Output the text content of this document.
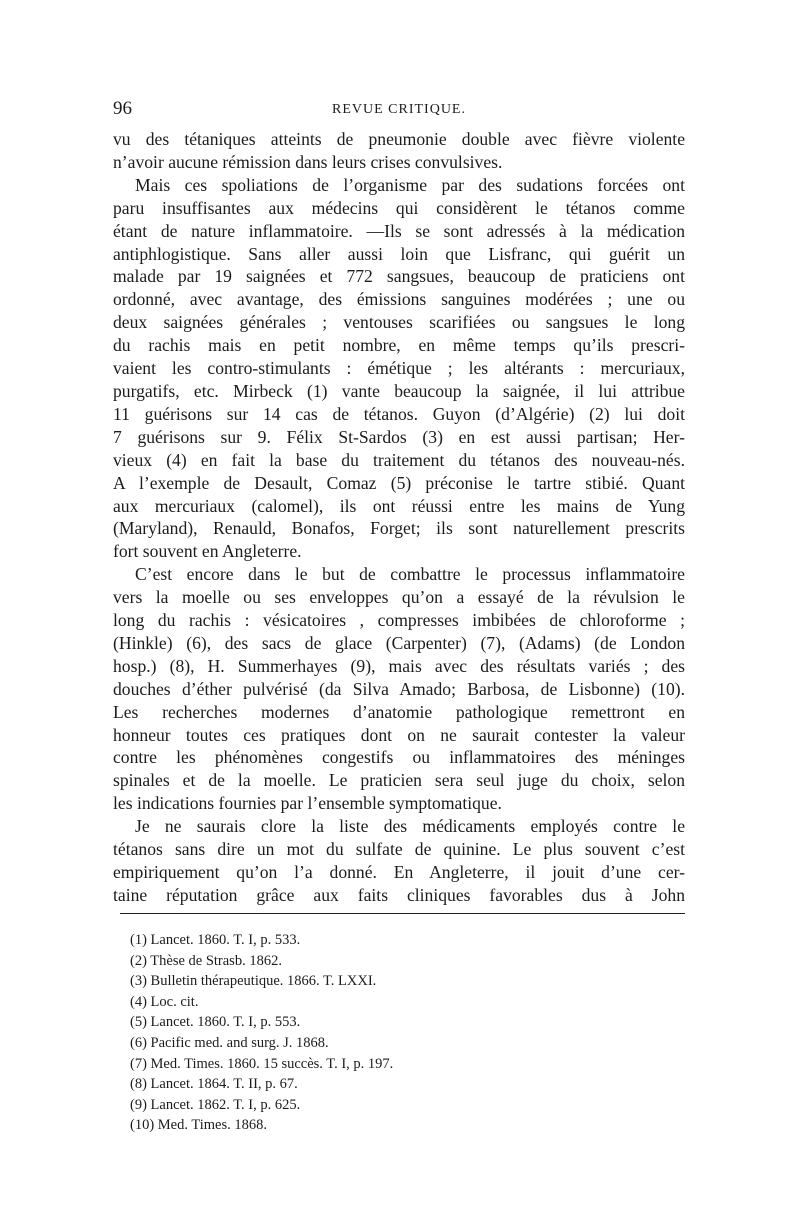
96	REVUE CRITIQUE.
vu des tétaniques atteints de pneumonie double avec fièvre violente
n’avoir aucune rémission dans leurs crises convulsives.
Mais ces spoliations de l’organisme par des sudations forcées ont
paru insuffisantes aux médecins qui considèrent le tétanos comme
étant de nature inflammatoire. —Ils se sont adressés à la médication
antiphlogistique. Sans aller aussi loin que Lisfranc, qui guérit un
malade par 19 saignées et 772 sangsues, beaucoup de praticiens ont
ordonné, avec avantage, des émissions sanguines modérées ; une ou
deux saignées générales ; ventouses scarifiées ou sangsues le long
du rachis mais en petit nombre, en même temps qu’ils prescri-
vaient les contro-stimulants : émétique ; les altérants : mercuriaux,
purgatifs, etc. Mirbeck (1) vante beaucoup la saignée, il lui attribue
11 guérisons sur 14 cas de tétanos. Guyon (d’Algérie) (2) lui doit
7 guérisons sur 9. Félix St-Sardos (3) en est aussi partisan; Her-
vieux (4) en fait la base du traitement du tétanos des nouveau-nés.
A l’exemple de Desault, Comaz (5) préconise le tartre stibié. Quant
aux mercuriaux (calomel), ils ont réussi entre les mains de Yung
(Maryland), Renauld, Bonafos, Forget; ils sont naturellement prescrits
fort souvent en Angleterre.
C’est encore dans le but de combattre le processus inflammatoire
vers la moelle ou ses enveloppes qu’on a essayé de la révulsion le
long du rachis : vésicatoires , compresses imbibées de chloroforme ;
(Hinkle) (6), des sacs de glace (Carpenter) (7), (Adams) (de London
hosp.) (8), H. Summerhayes (9), mais avec des résultats variés ; des
douches d’éther pulvérisé (da Silva Amado; Barbosa, de Lisbonne) (10).
Les recherches modernes d’anatomie pathologique remettront en
honneur toutes ces pratiques dont on ne saurait contester la valeur
contre les phénomènes congestifs ou inflammatoires des méninges
spinales et de la moelle. Le praticien sera seul juge du choix, selon
les indications fournies par l’ensemble symptomatique.
Je ne saurais clore la liste des médicaments employés contre le
tétanos sans dire un mot du sulfate de quinine. Le plus souvent c’est
empiriquement qu’on l’a donné. En Angleterre, il jouit d’une cer-
taine réputation grâce aux faits cliniques favorables dus à John
(1) Lancet. 1860. T. I, p. 533.
(2) Thèse de Strasb. 1862.
(3) Bulletin thérapeutique. 1866. T. LXXI.
(4) Loc. cit.
(5) Lancet. 1860. T. I, p. 553.
(6) Pacific med. and surg. J. 1868.
(7) Med. Times. 1860. 15 succès. T. I, p. 197.
(8) Lancet. 1864. T. II, p. 67.
(9) Lancet. 1862. T. I, p. 625.
(10) Med. Times. 1868.
